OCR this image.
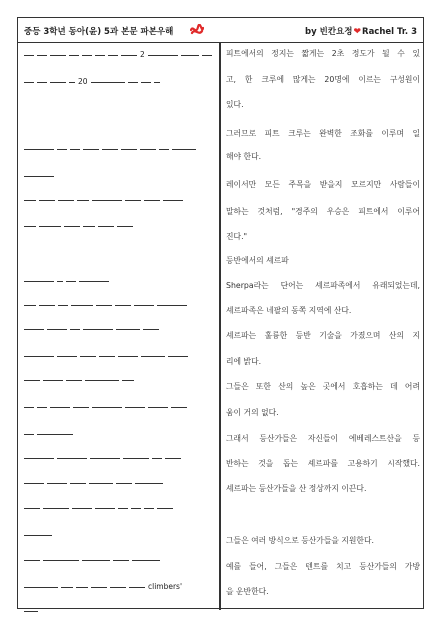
중등 3학년 동아(윤) 5과 본문 파본우해	by 빈칸요정❤Rachel Tr. 3
2
20
climbers'
피트에서의 정지는 짧게는 2초 정도가 될 수 있
고, 한 크루에 많게는 20명에 이르는 구성원이
있다.
그러므로 피트 크루는 완벽한 조화를 이루며 일
해야 한다.
레이서만 모든 주목을 받을지 모르지만 사람들이
말하는 것처럼, "경주의 우승은 피트에서 이루어
진다."
등반에서의 셰르파
Sherpa라는 단어는 셰르파족에서 유래되었는데,
셰르파족은 네팔의 동쪽 지역에 산다.
셰르파는 훌륭한 등반 기술을 가졌으며 산의 지
리에 밝다.
그들은 또한 산의 높은 곳에서 호흡하는 데 어려
움이 거의 없다.
그래서 등산가들은 자신들이 에베레스트산을 등
반하는 것을 돕는 셰르파를 고용하기 시작했다.
셰르파는 등산가들을 산 정상까지 이끈다.
그들은 여러 방식으로 등산가들을 지원한다.
예를 들어, 그들은 텐트를 치고 등산가들의 가방
을 운반한다.
